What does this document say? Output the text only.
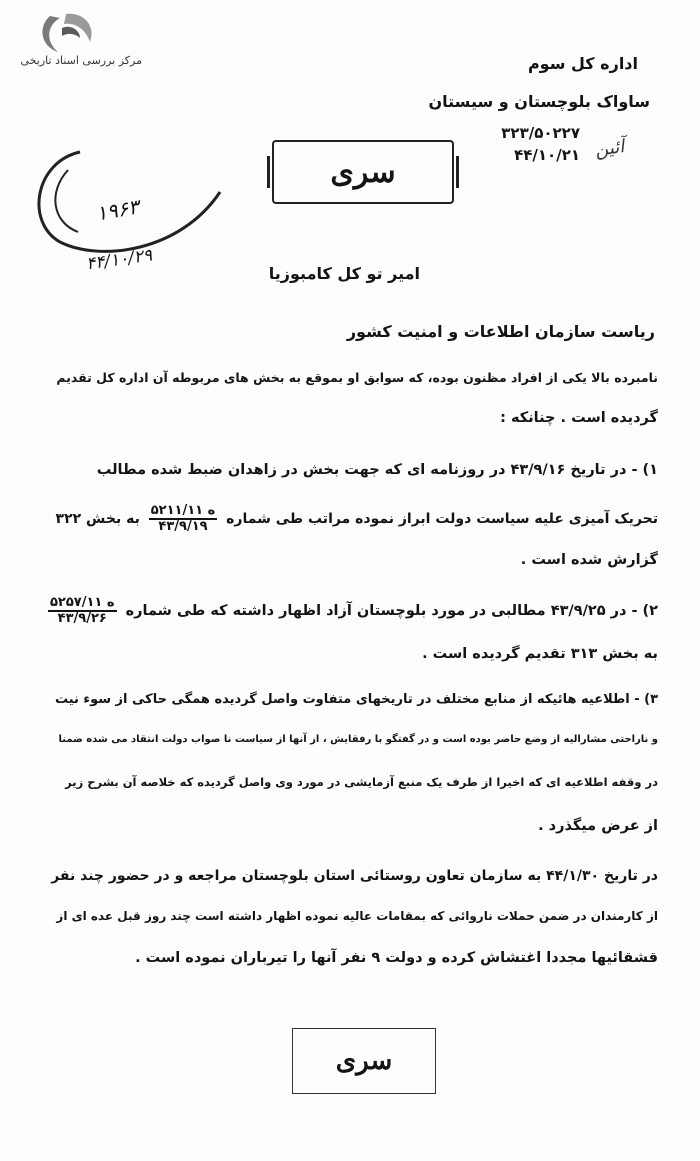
مرکز بررسی اسناد تاریخی	اداره کل سوم
ساواک بلوچستان و سیستان
۳۲۳/۵۰۲۲۷
۴۴/۱۰/۲۱ آئین
سری
۱۹۶۳
۴۴/۱۰/۲۹	امیر تو کل کامبوزیا
ریاست سازمان اطلاعات و امنیت کشور
نامبرده بالا یکی از افراد مظنون بوده، که سوابق او بموقع به بخش های مربوطه آن اداره کل تقدیم
گردیده است . چنانکه :
۱) - در تاریخ ۴۳/۹/۱۶ در روزنامه ای که جهت بخش در زاهدان ضبط شده مطالب
تحریک آمیزی علیه سیاست دولت ابراز نموده مراتب طی شماره
$\frac{\text{۵۲۱۱/۱۱ ه}}{۴۳/۹/۱۹}$
به بخش ۳۲۲
گزارش شده است .
۲) - در ۴۳/۹/۲۵ مطالبی در مورد بلوچستان آزاد اظهار داشته که طی شماره
$\frac{\text{۵۲۵۷/۱۱ ه}}{۴۳/۹/۲۶}$
به بخش ۳۱۳ تقدیم گردیده است .
۳) - اطلاعیه هائیکه از منابع مختلف در تاریخهای متفاوت واصل گردیده همگی حاکی از سوء نیت
و ناراحتی مشارالیه از وضع حاضر بوده است و در گفتگو با رفقایش ، از آنها از سیاست نا صواب دولت انتقاد می شده ضمنا
در وقفه اطلاعیه ای که اخیرا از طرف یک منبع آزمایشی در مورد وی واصل گردیده که خلاصه آن بشرح زیر
از عرض میگذرد .
در تاریخ ۴۴/۱/۳۰ به سازمان تعاون روستائی استان بلوچستان مراجعه و در حضور چند نفر
از کارمندان در ضمن حملات ناروائی که بمقامات عالیه نموده اظهار داشته است چند روز قبل عده ای از
قشقائیها مجددا اغتشاش کرده و دولت ۹ نفر آنها را تیرباران نموده است .
سری
